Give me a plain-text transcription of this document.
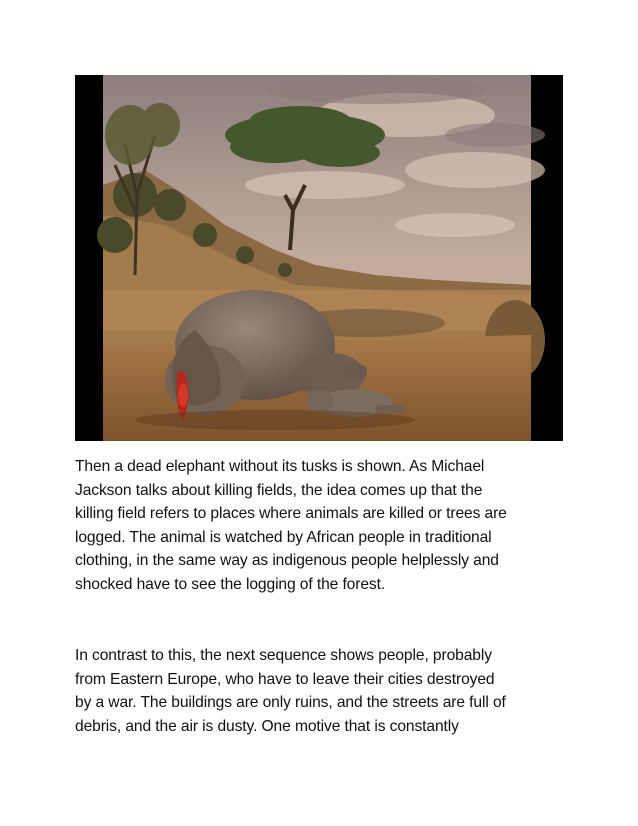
Then a dead elephant without its tusks is shown. As Michael
Jackson talks about killing fields, the idea comes up that the
killing field refers to places where animals are killed or trees are
logged. The animal is watched by African people in traditional
clothing, in the same way as indigenous people helplessly and
shocked have to see the logging of the forest.

In contrast to this, the next sequence shows people, probably
from Eastern Europe, who have to leave their cities destroyed
by a war. The buildings are only ruins, and the streets are full of
debris, and the air is dusty. One motive that is constantly
